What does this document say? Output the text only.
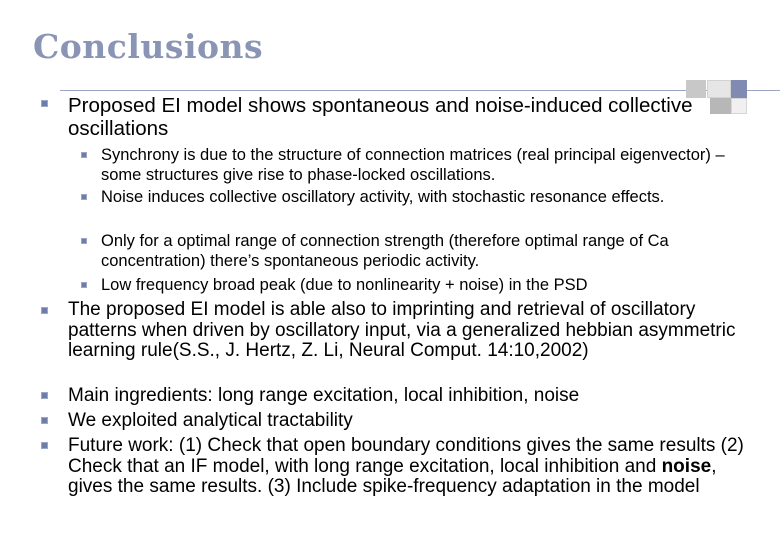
Conclusions
Proposed EI model shows spontaneous and noise-induced collective oscillations
Synchrony is due to the structure of connection matrices (real principal eigenvector) – some structures give rise to phase-locked oscillations.
Noise induces collective oscillatory activity, with stochastic resonance effects.
Only for a optimal range of connection strength (therefore optimal range of Ca concentration) there’s spontaneous periodic activity.
Low frequency broad peak (due to nonlinearity + noise) in the PSD
The proposed EI model is able also to imprinting and retrieval of oscillatory patterns when driven by oscillatory input, via a generalized hebbian asymmetric learning rule(S.S., J. Hertz, Z. Li, Neural Comput. 14:10,2002)
Main ingredients: long range excitation, local inhibition, noise
We exploited analytical tractability
Future work: (1) Check that open boundary conditions gives the same results (2) Check that an IF model, with long range excitation, local inhibition and noise, gives the same results. (3) Include spike-frequency adaptation in the model
